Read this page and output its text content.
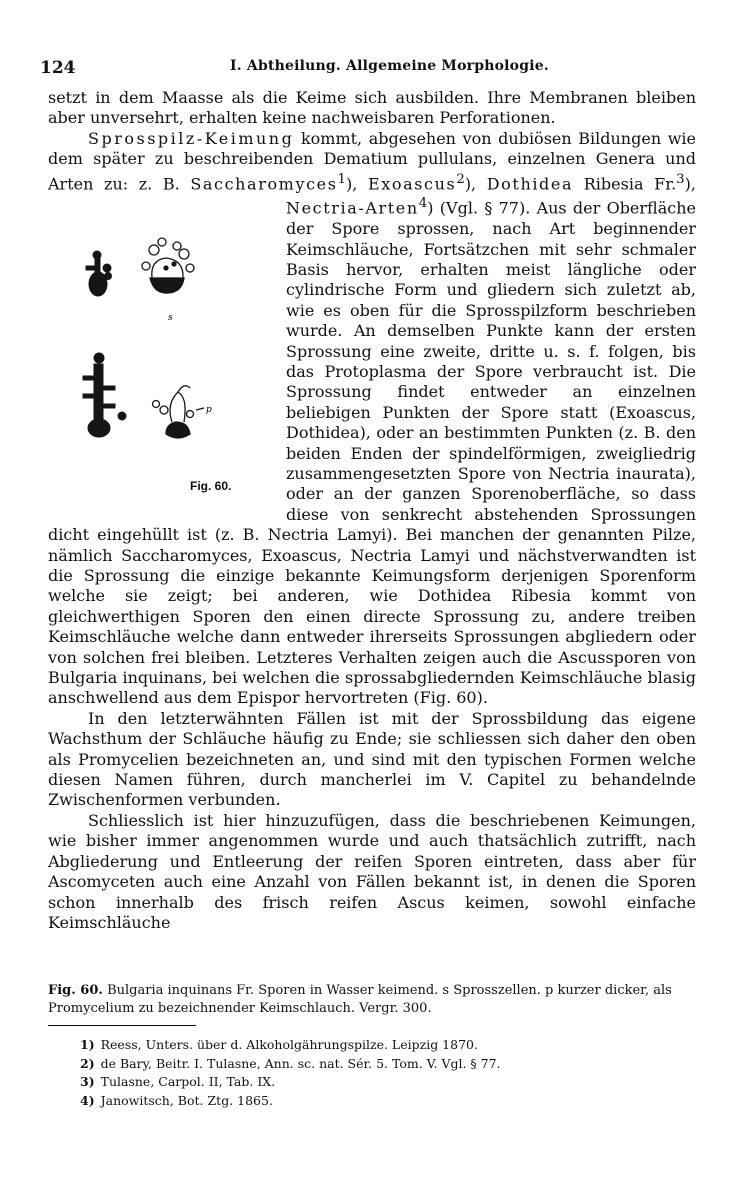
124	I. Abtheilung. Allgemeine Morphologie.

setzt in dem Maasse als die Keime sich ausbilden. Ihre Membranen bleiben aber unversehrt, erhalten keine nachweisbaren Perforationen.

Sprosspilz-Keimung kommt, abgesehen von dubiösen Bildungen wie dem später zu beschreibenden Dematium pullulans, einzelnen Genera und Arten zu: z. B. Saccharomyces$^1$), Exoascus$^2$), Dothidea Ribesia Fr.$^3$), Nectria-Arten$^4$
s
p
Fig. 60.
) (Vgl. § 77). Aus der Oberfläche der Spore sprossen, nach Art beginnender Keimschläuche, Fortsätzchen mit sehr schmaler Basis hervor, erhalten meist längliche oder cylindrische Form und gliedern sich zuletzt ab, wie es oben für die Sprosspilzform beschrieben wurde. An demselben Punkte kann der ersten Sprossung eine zweite, dritte u. s. f. folgen, bis das Protoplasma der Spore verbraucht ist. Die Sprossung findet entweder an einzelnen beliebigen Punkten der Spore statt (Exoascus, Dothidea), oder an bestimmten Punkten (z. B. den beiden Enden der spindelförmigen, zweigliedrig zusammengesetzten Spore von Nectria inaurata), oder an der ganzen Sporenoberfläche, so dass diese von senkrecht abstehenden Sprossungen dicht eingehüllt ist (z. B. Nectria Lamyi). Bei manchen der genannten Pilze, nämlich Saccharomyces, Exoascus, Nectria Lamyi und nächstverwandten ist die Sprossung die einzige bekannte Keimungsform derjenigen Sporenform welche sie zeigt; bei anderen, wie Dothidea Ribesia kommt von gleichwerthigen Sporen den einen directe Sprossung zu, andere treiben Keimschläuche welche dann entweder ihrerseits Sprossungen abgliedern oder von solchen frei bleiben. Letzteres Verhalten zeigen auch die Ascussporen von Bulgaria inquinans, bei welchen die sprossabgliedernden Keimschläuche blasig anschwellend aus dem Epispor hervortreten (Fig. 60).

In den letzterwähnten Fällen ist mit der Sprossbildung das eigene Wachsthum der Schläuche häufig zu Ende; sie schliessen sich daher den oben als Promycelien bezeichneten an, und sind mit den typischen Formen welche diesen Namen führen, durch mancherlei im V. Capitel zu behandelnde Zwischenformen verbunden.

Schliesslich ist hier hinzuzufügen, dass die beschriebenen Keimungen, wie bisher immer angenommen wurde und auch thatsächlich zutrifft, nach Abgliederung und Entleerung der reifen Sporen eintreten, dass aber für Ascomyceten auch eine Anzahl von Fällen bekannt ist, in denen die Sporen schon innerhalb des frisch reifen Ascus keimen, sowohl einfache Keimschläuche

Fig. 60. Bulgaria inquinans Fr. Sporen in Wasser keimend. s Sprosszellen. p kurzer dicker, als Promycelium zu bezeichnender Keimschlauch. Vergr. 300.
1) Reess, Unters. über d. Alkoholgährungspilze. Leipzig 1870.
2) de Bary, Beitr. I. Tulasne, Ann. sc. nat. Sér. 5. Tom. V. Vgl. § 77.
3) Tulasne, Carpol. II, Tab. IX.
4) Janowitsch, Bot. Ztg. 1865.
